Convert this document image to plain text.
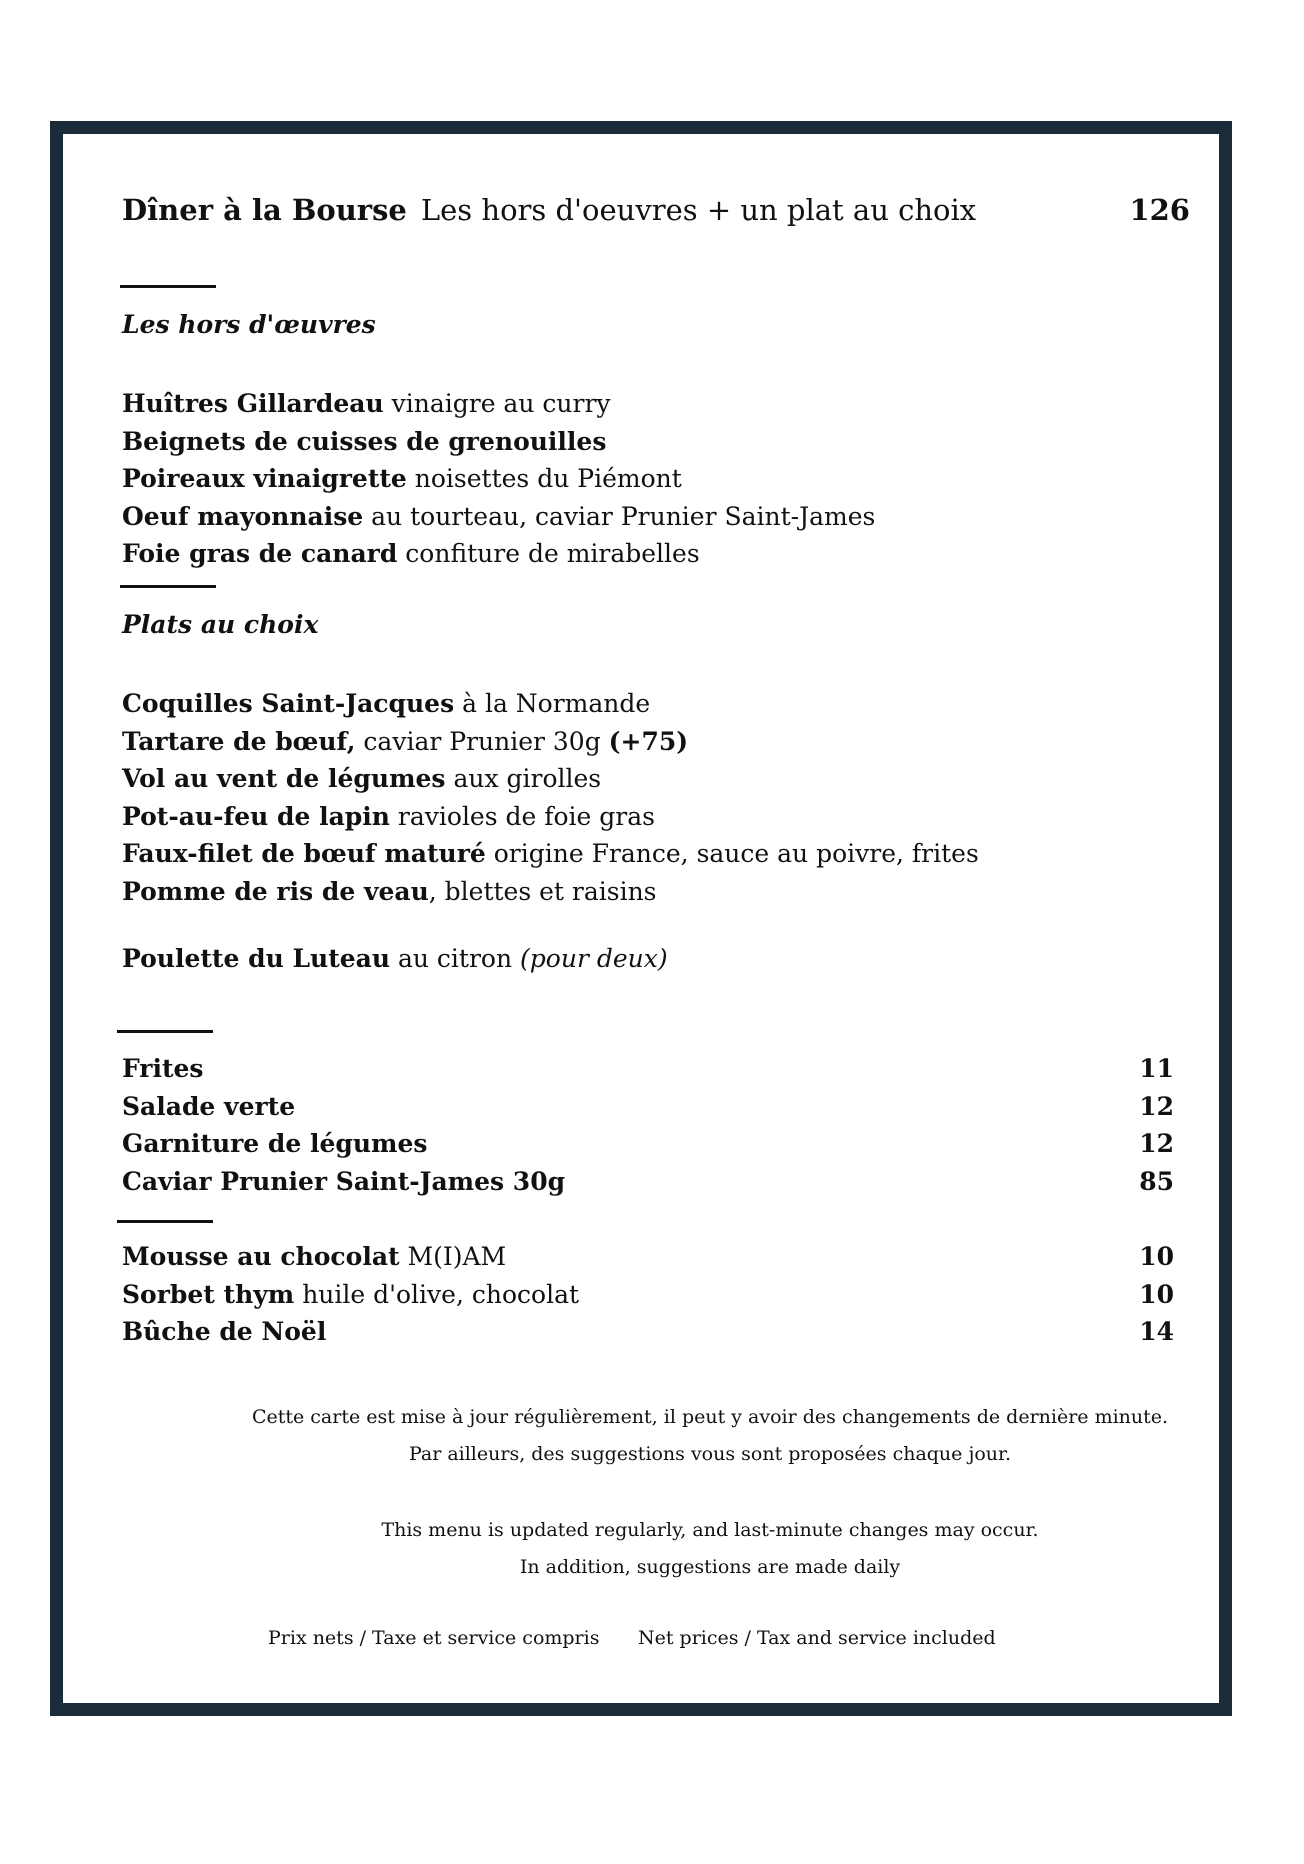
Dîner à la Bourse Les hors d'oeuvres + un plat au choix	126
Les hors d'œuvres
Huîtres Gillardeau vinaigre au curry
Beignets de cuisses de grenouilles
Poireaux vinaigrette noisettes du Piémont
Oeuf mayonnaise au tourteau, caviar Prunier Saint-James
Foie gras de canard confiture de mirabelles
Plats au choix
Coquilles Saint-Jacques à la Normande
Tartare de bœuf, caviar Prunier 30g (+75)
Vol au vent de légumes aux girolles
Pot-au-feu de lapin ravioles de foie gras
Faux-filet de bœuf maturé origine France, sauce au poivre, frites
Pomme de ris de veau, blettes et raisins
Poulette du Luteau au citron (pour deux)
Frites	11
Salade verte	12
Garniture de légumes	12
Caviar Prunier Saint-James 30g	85
Mousse au chocolat M(I)AM	10
Sorbet thym huile d'olive, chocolat	10
Bûche de Noël	14
Cette carte est mise à jour régulièrement, il peut y avoir des changements de dernière minute.
Par ailleurs, des suggestions vous sont proposées chaque jour.
This menu is updated regularly, and last-minute changes may occur.
In addition, suggestions are made daily
Prix nets / Taxe et service compris Net prices / Tax and service included
